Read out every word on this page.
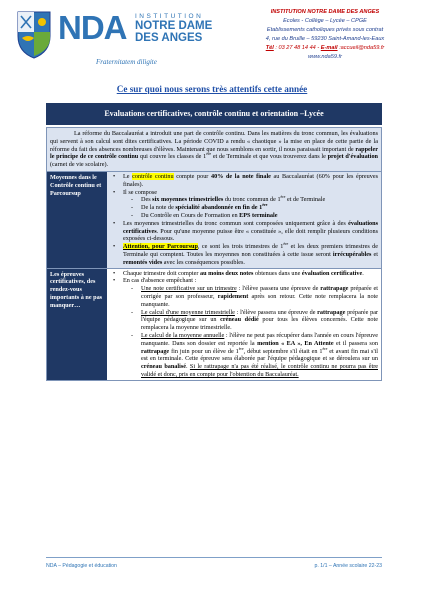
NDA INSTITUTION
NOTRE DAME
DES ANGES
Fraternitatem diligite
INSTITUTION NOTRE DAME DES ANGES
Ecoles - Collège – Lycée – CPGE
Etablissements catholiques privés sous contrat
4, rue du Bruille – 59230 Saint-Amand-les-Eaux
Tél : 03 27 48 14 44 - E-mail :accueil@nda59.fr
www.nda59.fr
Ce sur quoi nous serons très attentifs cette année
Evaluations certificatives, contrôle continu et orientation –Lycée
La réforme du Baccalauréat a introduit une part de contrôle continu. Dans les matières du tronc commun, les évaluations qui servent à son calcul sont dites certificatives. La période COVID a rendu « chaotique » la mise en place de cette partie de la réforme du fait des absences nombreuses d'élèves. Maintenant que nous semblons en sortir, il nous paraissait important de rappeler le principe de ce contrôle continu qui couvre les classes de 1ère et de Terminale et que vous trouverez dans le projet d'évaluation (carnet de vie scolaire).
Moyennes dans le Contrôle continu et Parcoursup
• Le contrôle continu compte pour 40% de la note finale au Baccalauréat (60% pour les épreuves finales).
• Il se compose
- Des six moyennes trimestrielles du tronc commun de 1ère et de Terminale
- De la note de spécialité abandonnée en fin de 1ère
- Du Contrôle en Cours de Formation en EPS terminale
• Les moyennes trimestrielles du tronc commun sont composées uniquement grâce à des évaluations certificatives. Pour qu'une moyenne puisse être « constituée », elle doit remplir plusieurs conditions exposées ci-dessous.
• Attention, pour Parcoursup, ce sont les trois trimestres de 1ère et les deux premiers trimestres de Terminale qui comptent. Toutes les moyennes non constituées à cette issue seront irrécupérables et remontés vides avec les conséquences possibles.
Les épreuves certificatives, des rendez-vous importants à ne pas manquer…
• Chaque trimestre doit compter au moins deux notes obtenues dans une évaluation certificative.
• En cas d'absence empêchant :
- Une note certificative sur un trimestre : l'élève passera une épreuve de rattrapage préparée et corrigée par son professeur, rapidement après son retour. Cette note remplacera la note manquante.
- Le calcul d'une moyenne trimestrielle : l'élève passera une épreuve de rattrapage préparée par l'équipe pédagogique sur un créneau dédié pour tous les élèves concernés. Cette note remplacera la moyenne trimestrielle.
- Le calcul de la moyenne annuelle : l'élève ne peut pas récupérer dans l'année en cours l'épreuve manquante. Dans son dossier est reportée la mention « EA », En Attente et il passera son rattrapage fin juin pour un élève de 1ère, début septembre s'il était en 1ère et avant fin mai s'il est en terminale. Cette épreuve sera élaborée par l'équipe pédagogique et se déroulera sur un créneau banalisé. Si le rattrapage n'a pas été réalisé, le contrôle continu ne pourra pas être validé et donc, pris en compte pour l'obtention du Baccalauréat.
NDA – Pédagogie et éducation	p. 1/1 – Année scolaire 22-23
